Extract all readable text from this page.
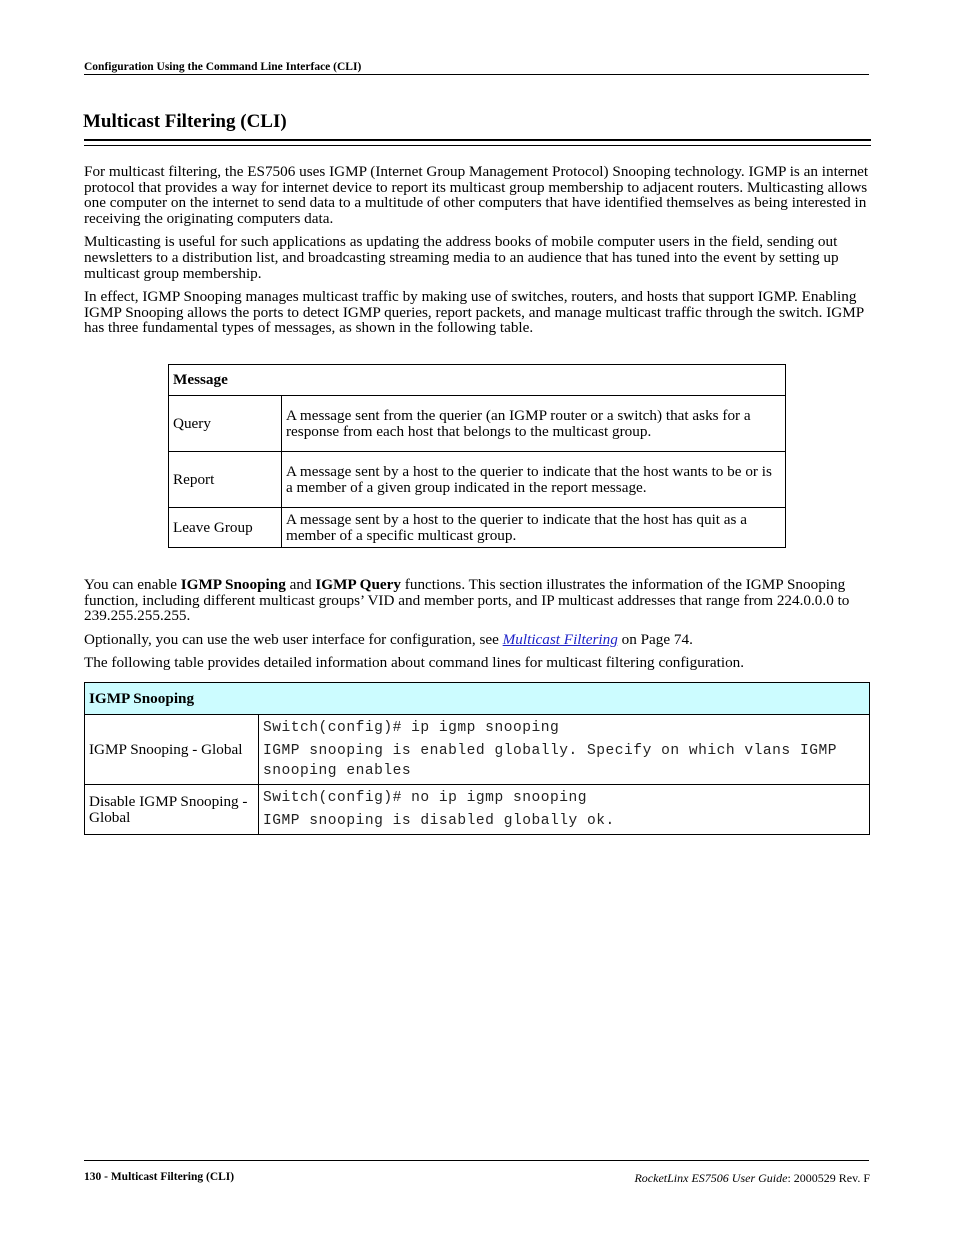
Configuration Using the Command Line Interface (CLI)
Multicast Filtering (CLI)

For multicast filtering, the ES7506 uses IGMP (Internet Group Management Protocol) Snooping technology. IGMP is an internet protocol that provides a way for internet device to report its multicast group membership to adjacent routers. Multicasting allows one computer on the internet to send data to a multitude of other computers that have identified themselves as being interested in receiving the originating computers data.

Multicasting is useful for such applications as updating the address books of mobile computer users in the field, sending out newsletters to a distribution list, and broadcasting streaming media to an audience that has tuned into the event by setting up multicast group membership.

In effect, IGMP Snooping manages multicast traffic by making use of switches, routers, and hosts that support IGMP. Enabling IGMP Snooping allows the ports to detect IGMP queries, report packets, and manage multicast traffic through the switch. IGMP has three fundamental types of messages, as shown in the following table.

Message	
Query	A message sent from the querier (an IGMP router or a switch) that asks for a response from each host that belongs to the multicast group.
Report	A message sent by a host to the querier to indicate that the host wants to be or is a member of a given group indicated in the report message.
Leave Group	A message sent by a host to the querier to indicate that the host has quit as a member of a specific multicast group.

You can enable IGMP Snooping and IGMP Query functions. This section illustrates the information of the IGMP Snooping function, including different multicast groups’ VID and member ports, and IP multicast addresses that range from 224.0.0.0 to 239.255.255.255.

Optionally, you can use the web user interface for configuration, see Multicast Filtering on Page 74.

The following table provides detailed information about command lines for multicast filtering configuration.

IGMP Snooping	
IGMP Snooping - Global	Switch(config)# ip igmp snooping
IGMP snooping is enabled globally. Specify on which vlans IGMP snooping enables

Disable IGMP Snooping - Global	Switch(config)# no ip igmp snooping
IGMP snooping is disabled globally ok.
130 - Multicast Filtering (CLI)	RocketLinx ES7506 User Guide: 2000529 Rev. F
